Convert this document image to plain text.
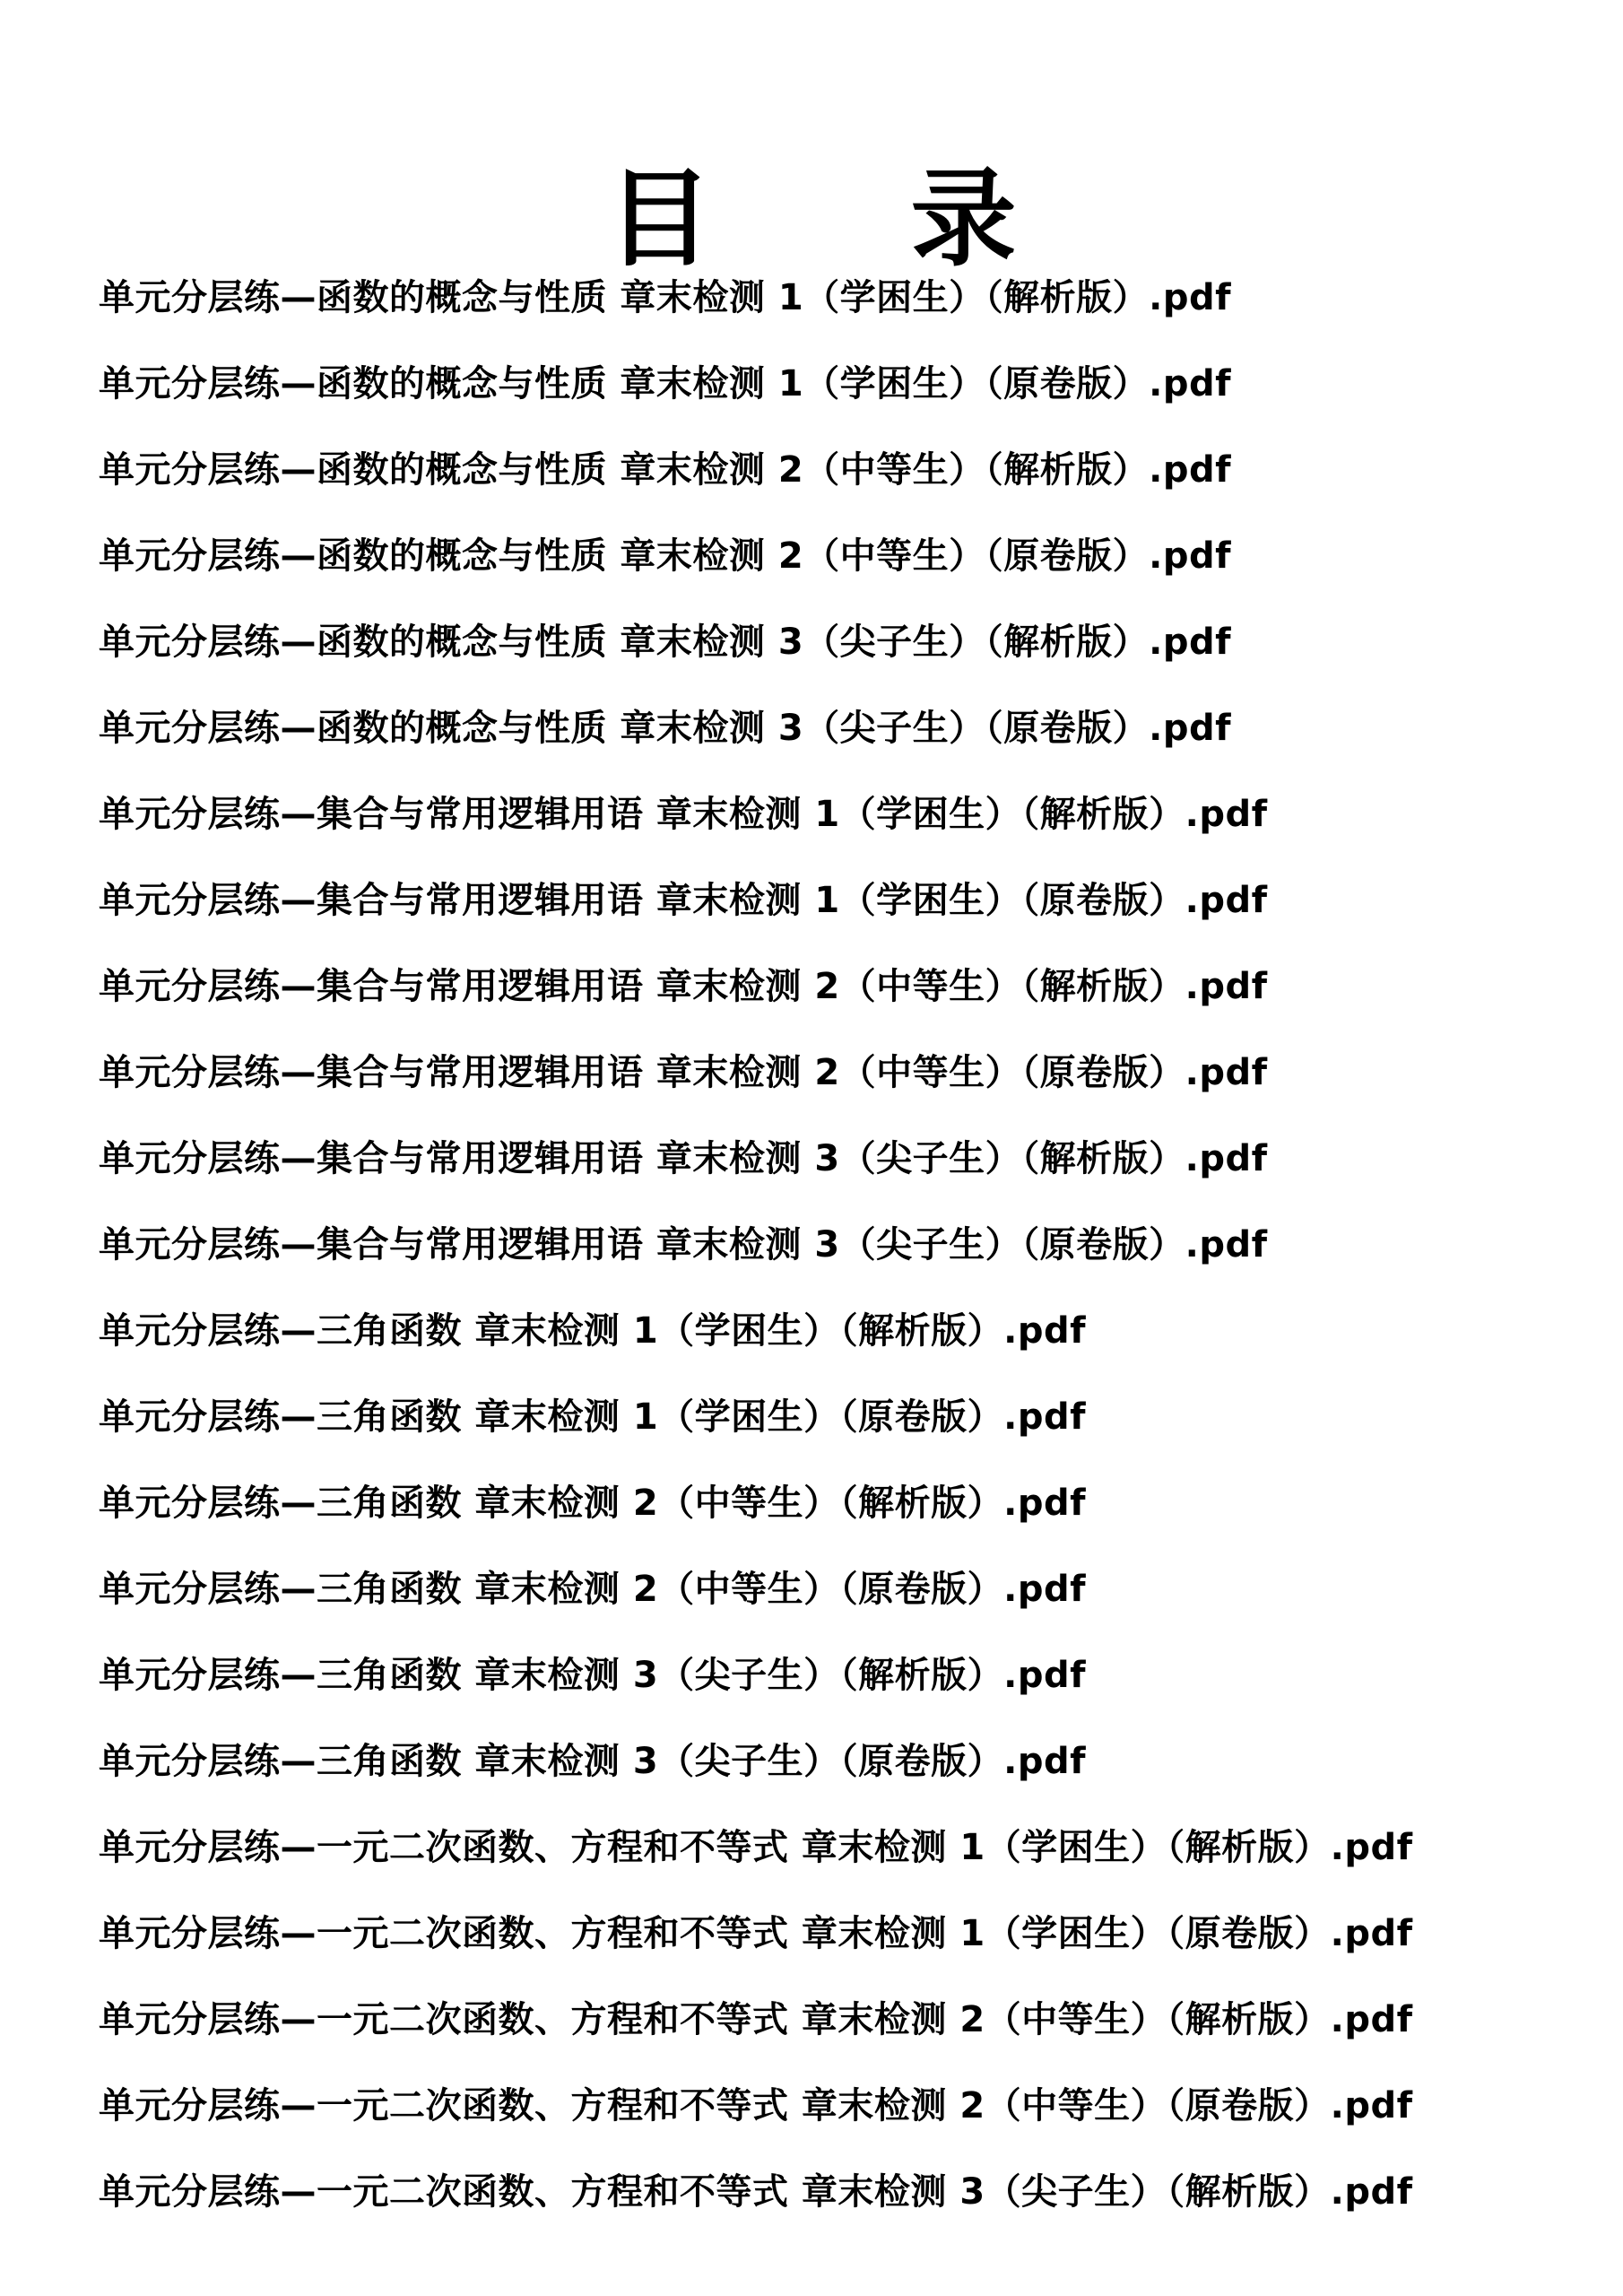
目 录
单元分层练—函数的概念与性质 章末检测 1（学困生）（解析版）.pdf
单元分层练—函数的概念与性质 章末检测 1（学困生）（原卷版）.pdf
单元分层练—函数的概念与性质 章末检测 2（中等生）（解析版）.pdf
单元分层练—函数的概念与性质 章末检测 2（中等生）（原卷版）.pdf
单元分层练—函数的概念与性质 章末检测 3（尖子生）（解析版）.pdf
单元分层练—函数的概念与性质 章末检测 3（尖子生）（原卷版）.pdf
单元分层练—集合与常用逻辑用语 章末检测 1（学困生）（解析版）.pdf
单元分层练—集合与常用逻辑用语 章末检测 1（学困生）（原卷版）.pdf
单元分层练—集合与常用逻辑用语 章末检测 2（中等生）（解析版）.pdf
单元分层练—集合与常用逻辑用语 章末检测 2（中等生）（原卷版）.pdf
单元分层练—集合与常用逻辑用语 章末检测 3（尖子生）（解析版）.pdf
单元分层练—集合与常用逻辑用语 章末检测 3（尖子生）（原卷版）.pdf
单元分层练—三角函数 章末检测 1（学困生）（解析版）.pdf
单元分层练—三角函数 章末检测 1（学困生）（原卷版）.pdf
单元分层练—三角函数 章末检测 2（中等生）（解析版）.pdf
单元分层练—三角函数 章末检测 2（中等生）（原卷版）.pdf
单元分层练—三角函数 章末检测 3（尖子生）（解析版）.pdf
单元分层练—三角函数 章末检测 3（尖子生）（原卷版）.pdf
单元分层练—一元二次函数、方程和不等式 章末检测 1（学困生）（解析版）.pdf
单元分层练—一元二次函数、方程和不等式 章末检测 1（学困生）（原卷版）.pdf
单元分层练—一元二次函数、方程和不等式 章末检测 2（中等生）（解析版）.pdf
单元分层练—一元二次函数、方程和不等式 章末检测 2（中等生）（原卷版）.pdf
单元分层练—一元二次函数、方程和不等式 章末检测 3（尖子生）（解析版）.pdf
